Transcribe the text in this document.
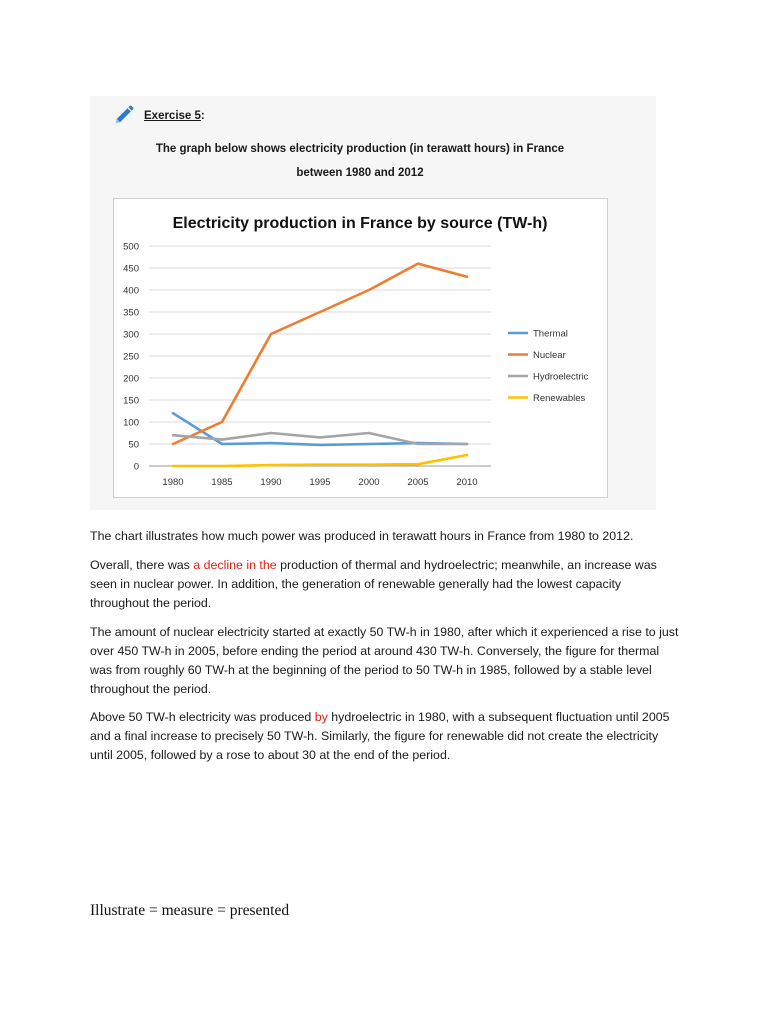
Exercise 5:
The graph below shows electricity production (in terawatt hours) in France
between 1980 and 2012
Electricity production in France by source (TW-h)
500
450
400
350
300
250
200
150
100
50
0
1980	1985	1990	1995	2000	2005	2010
Thermal
Nuclear
Hydroelectric
Renewables
The chart illustrates how much power was produced in terawatt hours in France from 1980 to 2012.
Overall, there was a decline in the production of thermal and hydroelectric; meanwhile, an increase was seen in nuclear power. In addition, the generation of renewable generally had the lowest capacity throughout the period.
The amount of nuclear electricity started at exactly 50 TW-h in 1980, after which it experienced a rise to just over 450 TW-h in 2005, before ending the period at around 430 TW-h. Conversely, the figure for thermal was from roughly 60 TW-h at the beginning of the period to 50 TW-h in 1985, followed by a stable level throughout the period.
Above 50 TW-h electricity was produced by hydroelectric in 1980, with a subsequent fluctuation until 2005 and a final increase to precisely 50 TW-h. Similarly, the figure for renewable did not create the electricity until 2005, followed by a rose to about 30 at the end of the period.
Illustrate = measure = presented
